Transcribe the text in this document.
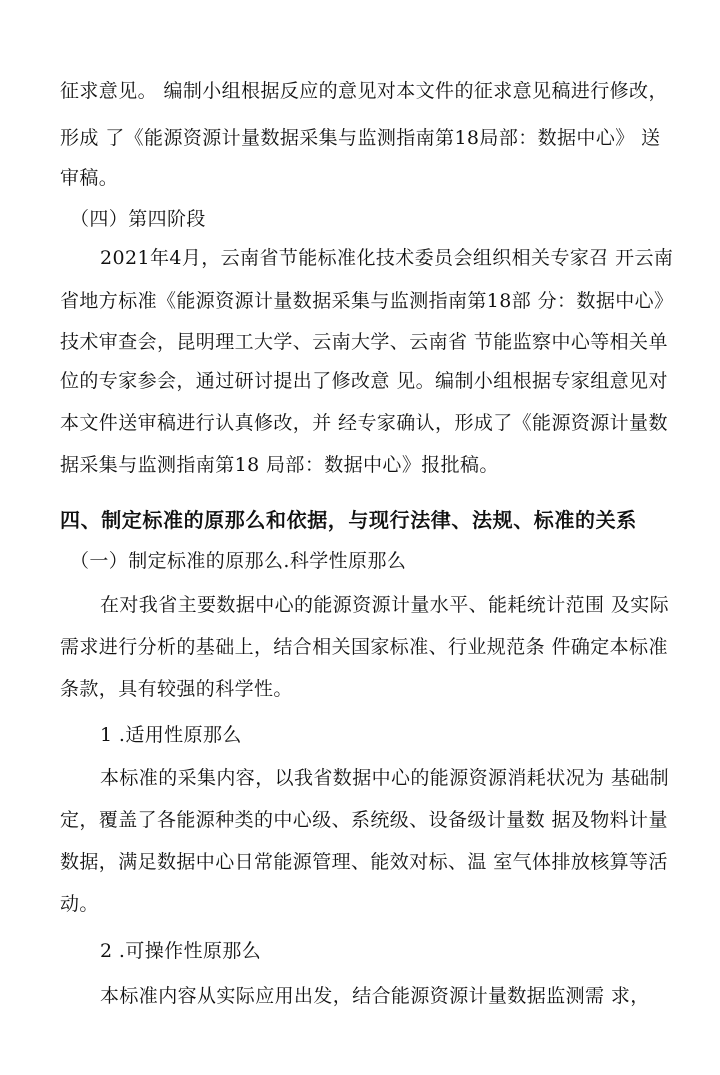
征求意见。 编制小组根据反应的意见对本文件的征求意见稿进行修改，
形成 了《能源资源计量数据采集与监测指南第18局部：数据中心》 送
审稿。
（四）第四阶段
2021年4月，云南省节能标准化技术委员会组织相关专家召 开云南
省地方标准《能源资源计量数据采集与监测指南第18部 分：数据中心》
技术审查会，昆明理工大学、云南大学、云南省 节能监察中心等相关单
位的专家参会，通过研讨提出了修改意 见。编制小组根据专家组意见对
本文件送审稿进行认真修改，并 经专家确认，形成了《能源资源计量数
据采集与监测指南第18 局部：数据中心》报批稿。
四、制定标准的原那么和依据，与现行法律、法规、标准的关系
（一）制定标准的原那么.科学性原那么
在对我省主要数据中心的能源资源计量水平、能耗统计范围 及实际
需求进行分析的基础上，结合相关国家标准、行业规范条 件确定本标准
条款，具有较强的科学性。
1 .适用性原那么
本标准的采集内容，以我省数据中心的能源资源消耗状况为 基础制
定，覆盖了各能源种类的中心级、系统级、设备级计量数 据及物料计量
数据，满足数据中心日常能源管理、能效对标、温 室气体排放核算等活
动。
2 .可操作性原那么
本标准内容从实际应用出发，结合能源资源计量数据监测需 求，
